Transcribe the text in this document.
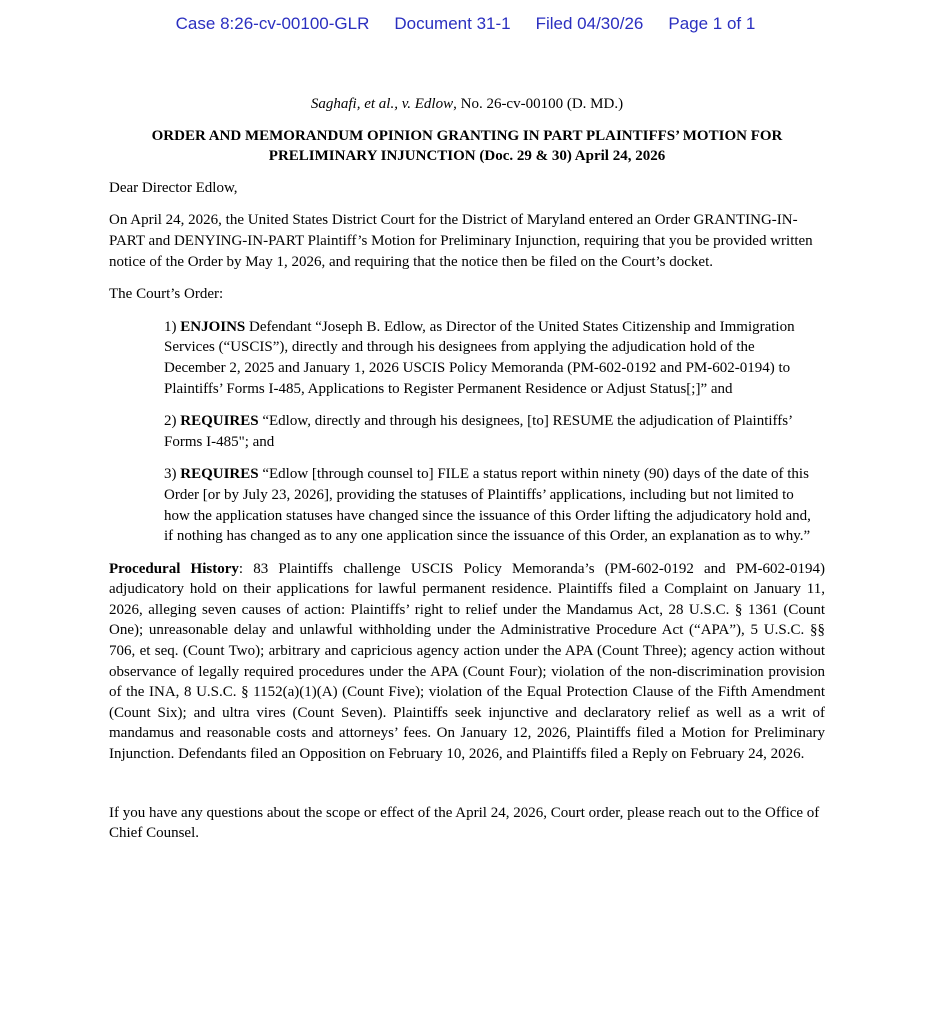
Case 8:26-cv-00100-GLR Document 31-1 Filed 04/30/26 Page 1 of 1
Saghafi, et al., v. Edlow, No. 26-cv-00100 (D. MD.)
ORDER AND MEMORANDUM OPINION GRANTING IN PART PLAINTIFFS’ MOTION FOR PRELIMINARY INJUNCTION (Doc. 29 & 30) April 24, 2026

Dear Director Edlow,

On April 24, 2026, the United States District Court for the District of Maryland entered an Order GRANTING-IN-PART and DENYING-IN-PART Plaintiff’s Motion for Preliminary Injunction, requiring that you be provided written notice of the Order by May 1, 2026, and requiring that the notice then be filed on the Court’s docket.

The Court’s Order:

1) ENJOINS Defendant “Joseph B. Edlow, as Director of the United States Citizenship and Immigration Services (“USCIS”), directly and through his designees from applying the adjudication hold of the December 2, 2025 and January 1, 2026 USCIS Policy Memoranda (PM-602-0192 and PM-602-0194) to Plaintiffs’ Forms I-485, Applications to Register Permanent Residence or Adjust Status[;]” and
2) REQUIRES “Edlow, directly and through his designees, [to] RESUME the adjudication of Plaintiffs’ Forms I-485"; and
3) REQUIRES “Edlow [through counsel to] FILE a status report within ninety (90) days of the date of this Order [or by July 23, 2026], providing the statuses of Plaintiffs’ applications, including but not limited to how the application statuses have changed since the issuance of this Order lifting the adjudicatory hold and, if nothing has changed as to any one application since the issuance of this Order, an explanation as to why.”

Procedural History: 83 Plaintiffs challenge USCIS Policy Memoranda’s (PM-602-0192 and PM-602-0194) adjudicatory hold on their applications for lawful permanent residence. Plaintiffs filed a Complaint on January 11, 2026, alleging seven causes of action: Plaintiffs’ right to relief under the Mandamus Act, 28 U.S.C. § 1361 (Count One); unreasonable delay and unlawful withholding under the Administrative Procedure Act (“APA”), 5 U.S.C. §§ 706, et seq. (Count Two); arbitrary and capricious agency action under the APA (Count Three); agency action without observance of legally required procedures under the APA (Count Four); violation of the non-discrimination provision of the INA, 8 U.S.C. § 1152(a)(1)(A) (Count Five); violation of the Equal Protection Clause of the Fifth Amendment (Count Six); and ultra vires (Count Seven). Plaintiffs seek injunctive and declaratory relief as well as a writ of mandamus and reasonable costs and attorneys’ fees. On January 12, 2026, Plaintiffs filed a Motion for Preliminary Injunction. Defendants filed an Opposition on February 10, 2026, and Plaintiffs filed a Reply on February 24, 2026.

If you have any questions about the scope or effect of the April 24, 2026, Court order, please reach out to the Office of Chief Counsel.
